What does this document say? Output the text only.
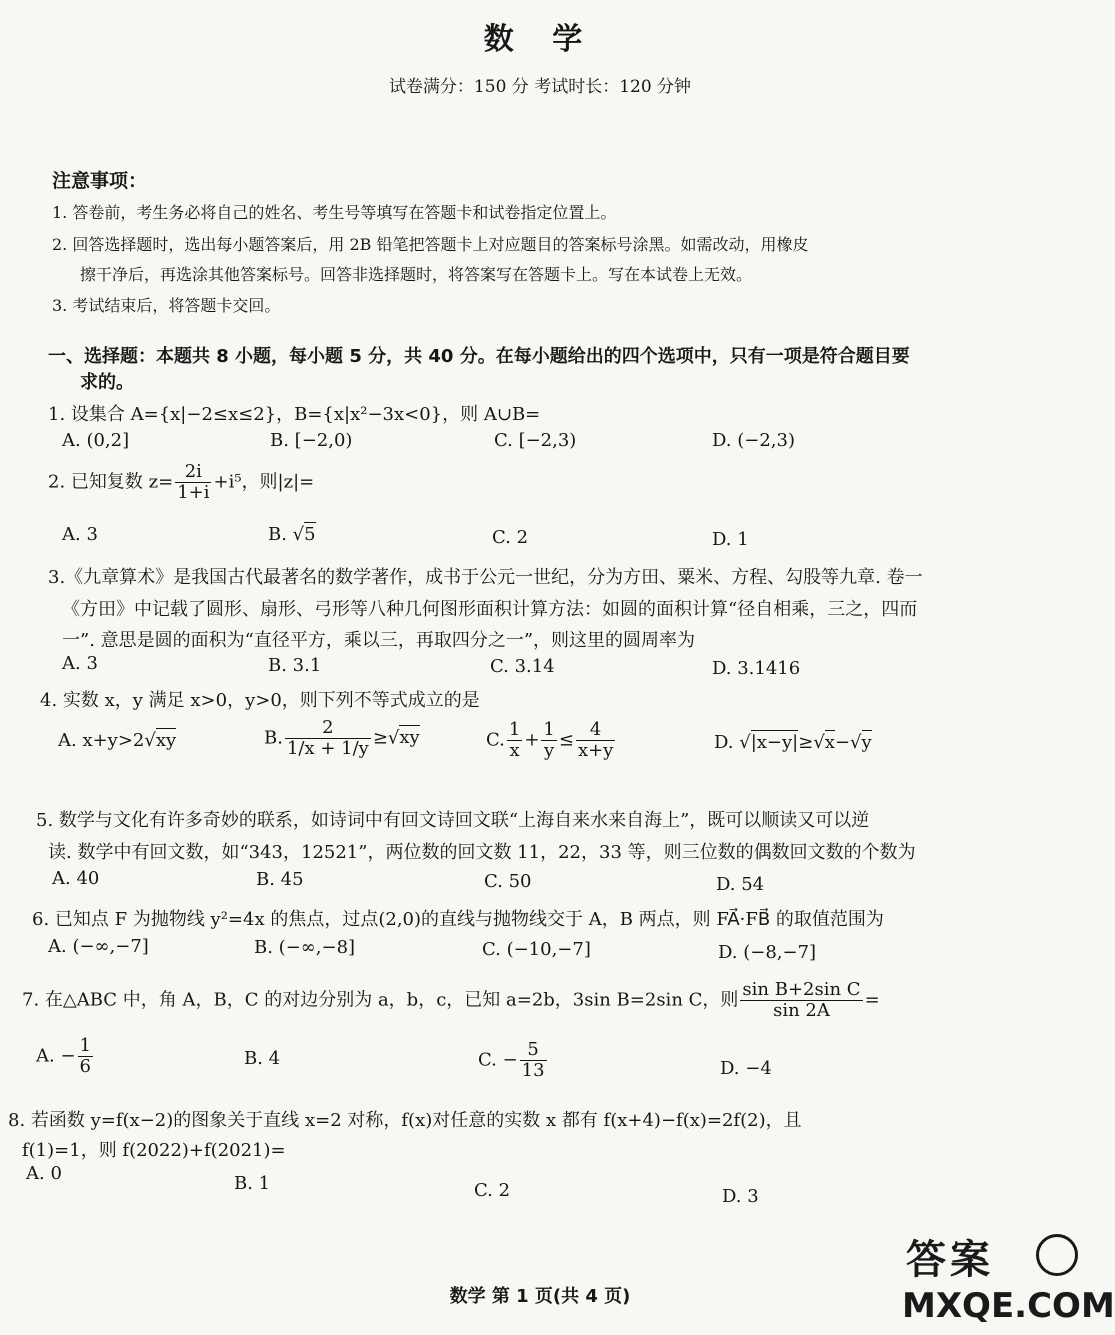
数 学
试卷满分：150 分 考试时长：120 分钟
注意事项：
1. 答卷前，考生务必将自己的姓名、考生号等填写在答题卡和试卷指定位置上。
2. 回答选择题时，选出每小题答案后，用 2B 铅笔把答题卡上对应题目的答案标号涂黑。如需改动，用橡皮
擦干净后，再选涂其他答案标号。回答非选择题时，将答案写在答题卡上。写在本试卷上无效。
3. 考试结束后，将答题卡交回。
一、选择题：本题共 8 小题，每小题 5 分，共 40 分。在每小题给出的四个选项中，只有一项是符合题目要
求的。
1. 设集合 A={x|−2≤x≤2}，B={x|x²−3x<0}，则 A∪B=
A. (0,2]	B. [−2,0)	C. [−2,3)	D. (−2,3)
2. 已知复数 $z= \frac{2i}{1+i} +i^5$，则|z|=
A. 3	B. √5	C. 2	D. 1
3.《九章算术》是我国古代最著名的数学著作，成书于公元一世纪，分为方田、粟米、方程、勾股等九章. 卷一
《方田》中记载了圆形、扇形、弓形等八种几何图形面积计算方法：如圆的面积计算“径自相乘，三之，四而
一”. 意思是圆的面积为“直径平方，乘以三，再取四分之一”，则这里的圆周率为
A. 3	B. 3.1	C. 3.14	D. 3.1416
4. 实数 x，y 满足 x>0，y>0，则下列不等式成立的是
A. x+y>2√xy	B. $\frac{2}{1/x + 1/y} \ge√xy$	C. $\frac{1}{x} + \frac{1}{y} \le \frac{4}{x+y}$	D. √|x−y|≥√x−√y
5. 数学与文化有许多奇妙的联系，如诗词中有回文诗回文联“上海自来水来自海上”，既可以顺读又可以逆
读. 数学中有回文数，如“343，12521”，两位数的回文数 11，22，33 等，则三位数的偶数回文数的个数为
A. 40	B. 45	C. 50	D. 54
6. 已知点 F 为抛物线 y²=4x 的焦点，过点(2,0)的直线与抛物线交于 A，B 两点，则 FA⃗·FB⃗ 的取值范围为
A. (−∞,−7]	B. (−∞,−8]	C. (−10,−7]	D. (−8,−7]
7. 在△ABC 中，角 A，B，C 的对边分别为 a，b，c，已知 a=2b，3sin B=2sin C，则 $\frac{\text{sin B+2sin C}}{\sin 2A}$ =
A. − $\frac{1}{6}$	B. 4	C. − $\frac{5}{13}$	D. −4
8. 若函数 y=f(x−2)的图象关于直线 x=2 对称，f(x)对任意的实数 x 都有 f(x+4)−f(x)=2f(2)，且
f(1)=1，则 f(2022)+f(2021)=
A. 0	B. 1	C. 2	D. 3
数学 第 1 页(共 4 页)
答案
MXQE.COM
